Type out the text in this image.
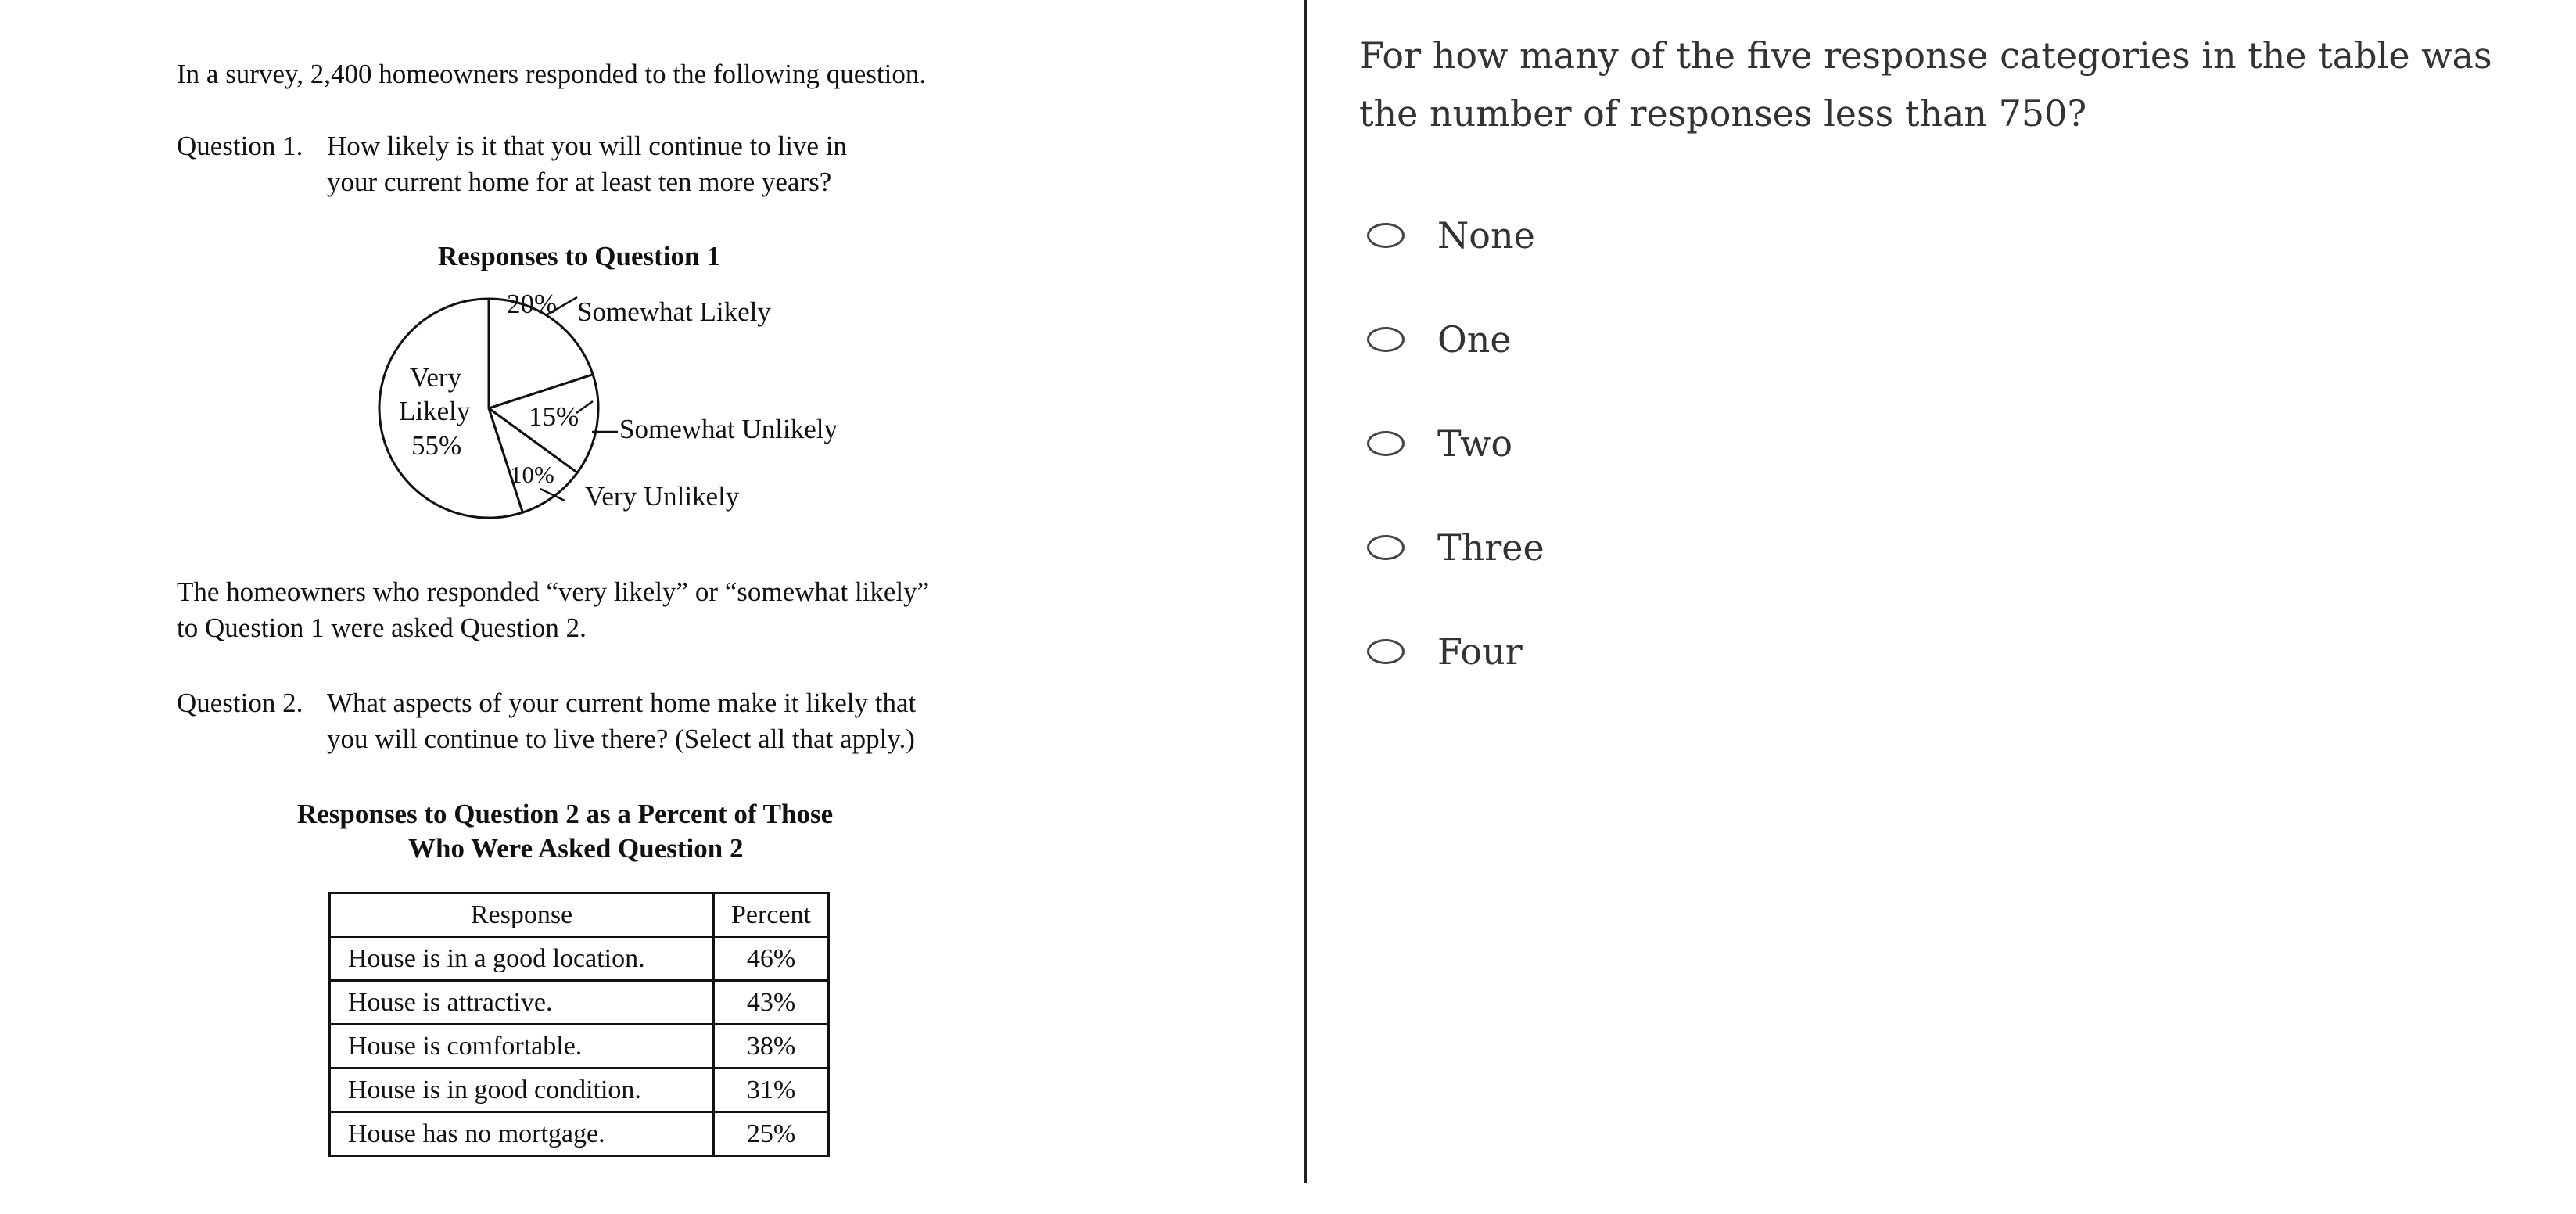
In a survey, 2,400 homeowners responded to the following question.

Question 1. How likely is it that you will continue to live in

your current home for at least ten more years?

Responses to Question 1

20% Somewhat Likely

Very

Likely

55%

15% Somewhat Unlikely

10%

Very Unlikely

The homeowners who responded “very likely” or “somewhat likely”

to Question 1 were asked Question 2.

Question 2. What aspects of your current home make it likely that

you will continue to live there? (Select all that apply.)

Responses to Question 2 as a Percent of Those

Who Were Asked Question 2

Response	Percent
House is in a good location.	46%
House is attractive.	43%
House is comfortable.	38%
House is in good condition.	31%
House has no mortgage.	25%

For how many of the five response categories in the table was the number of responses less than 750?

None
One
Two
Three
Four
